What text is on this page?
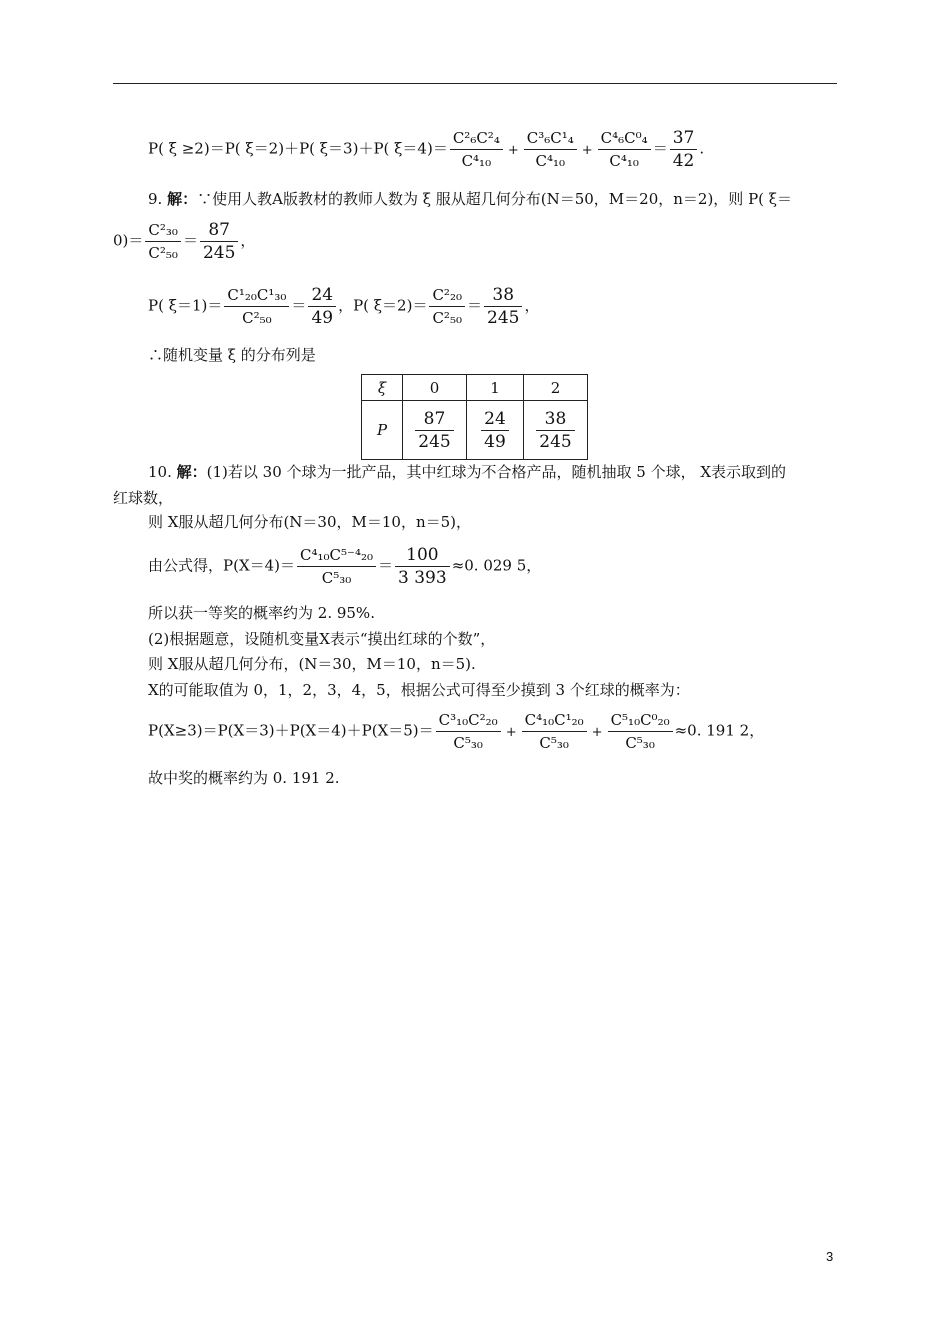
P( ξ ≥2)＝P( ξ＝2)＋P( ξ＝3)＋P( $\xi=4)= \frac{\text{C²₆C²₄}}{\text{C⁴₁₀}} + \frac{\text{C³₆C¹₄}}{\text{C⁴₁₀}} + \frac{\text{C⁴₆C⁰₄}}{\text{C⁴₁₀}} = \frac{37}{42}$ .
9. 解：∵使用人教A版教材的教师人数为 ξ 服从超几何分布(N＝50，M＝20，n＝2)，则 P( ξ＝
$0)= \frac{\text{C²₃₀}}{\text{C²₅₀}} = \frac{87}{245}$ ，
P( $\xi=1)= \frac{\text{C¹₂₀C¹₃₀}}{\text{C²₅₀}} = \frac{24}{49}$ ，P( $\xi=2)= \frac{\text{C²₂₀}}{\text{C²₅₀}} = \frac{38}{245}$ ，
∴随机变量 ξ 的分布列是
ξ	0	1	2
P	$\frac{87}{245}$	$\frac{24}{49}$	$\frac{38}{245}$
10. 解：(1)若以 30 个球为一批产品，其中红球为不合格产品，随机抽取 5 个球， X表示取到的
红球数，
则 X服从超几何分布(N＝30，M＝10，n＝5)，
由公式得，$P(X=4)= \frac{\text{C⁴₁₀C⁵⁻⁴₂₀}}{\text{C⁵₃₀}} = \frac{100}{3 393} \approx 0$. 029 5，
所以获一等奖的概率约为 2. 95%.
(2)根据题意，设随机变量X表示“摸出红球的个数”，
则 X服从超几何分布，(N＝30，M＝10，n＝5).
X的可能取值为 0，1，2，3，4，5，根据公式可得至少摸到 3 个红球的概率为：
$P(X\ge 3)=P(X=3)+P(X=4)+P(X=5)= \frac{\text{C³₁₀C²₂₀}}{\text{C⁵₃₀}} + \frac{\text{C⁴₁₀C¹₂₀}}{\text{C⁵₃₀}} + \frac{\text{C⁵₁₀C⁰₂₀}}{\text{C⁵₃₀}} \approx 0$. 191 2，
故中奖的概率约为 0. 191 2.
3
